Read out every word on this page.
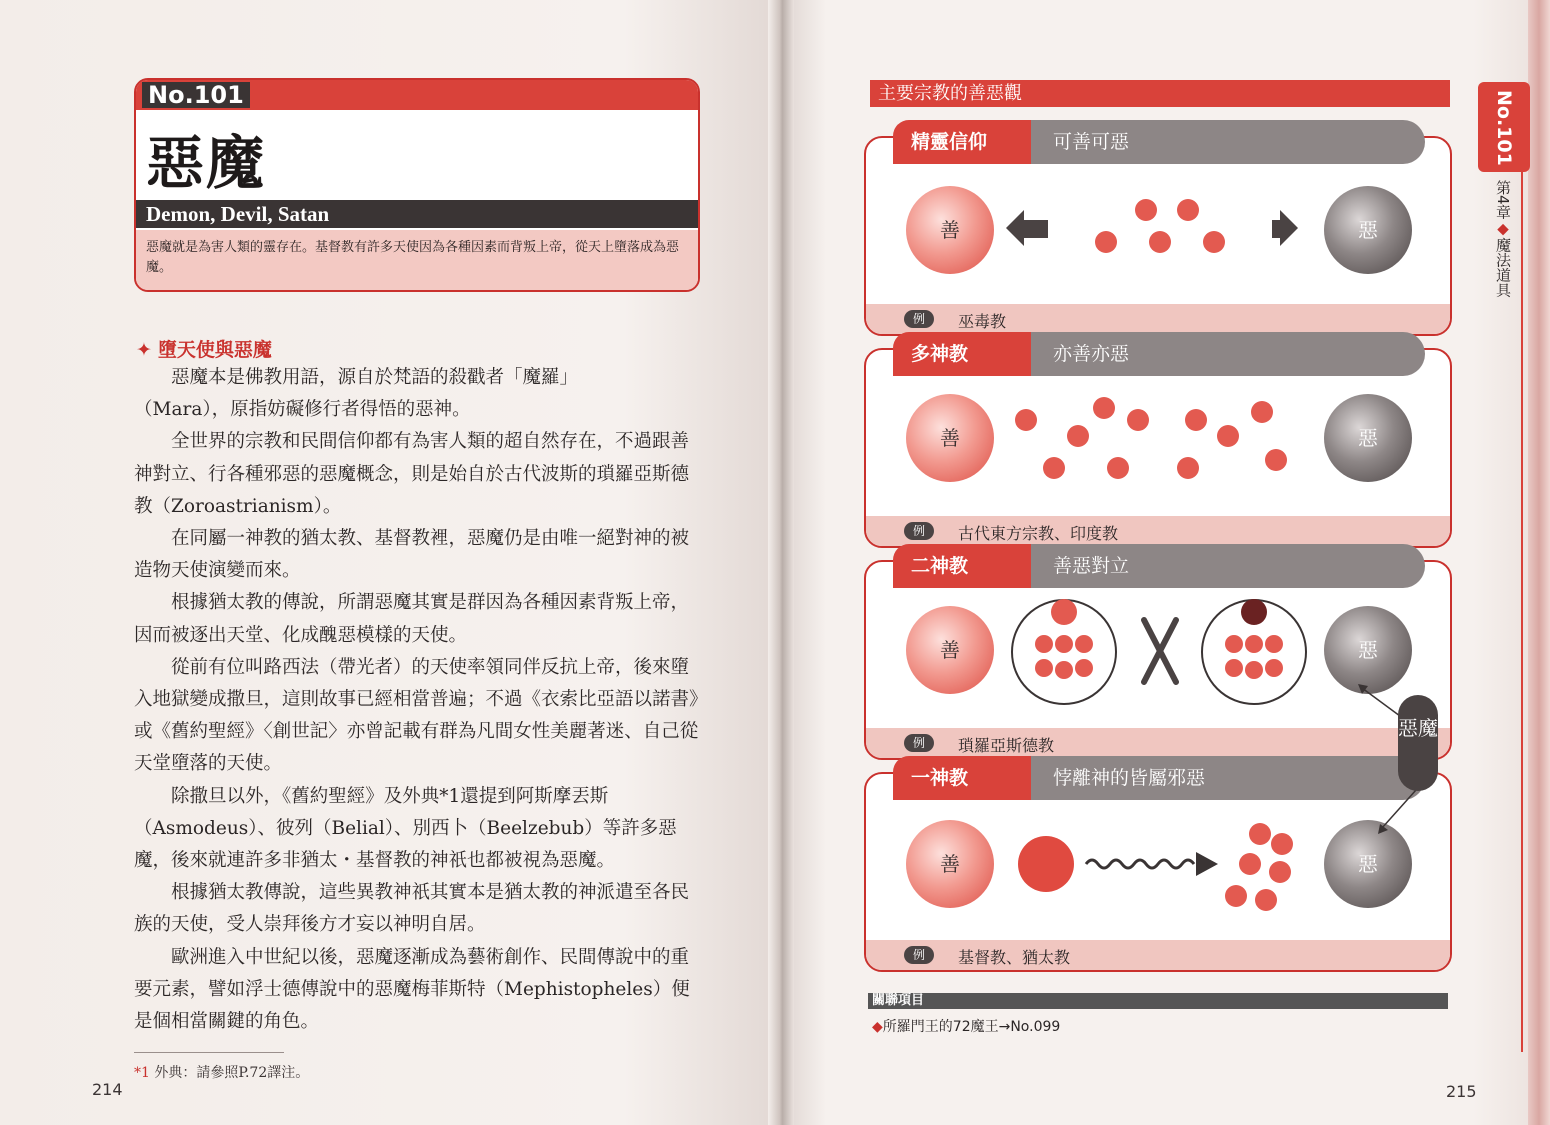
No.101
惡魔
Demon, Devil, Satan
惡魔就是為害人類的靈存在。基督教有許多天使因為各種因素而背叛上帝，從天上墮落成為惡魔。
✦ 墮天使與惡魔

惡魔本是佛教用語，源自於梵語的殺戳者「魔羅」

（Mara），原指妨礙修行者得悟的惡神。

全世界的宗教和民間信仰都有為害人類的超自然存在，不過跟善神對立、行各種邪惡的惡魔概念，則是始自於古代波斯的瑣羅亞斯德教（Zoroastrianism）。

在同屬一神教的猶太教、基督教裡，惡魔仍是由唯一絕對神的被造物天使演變而來。

根據猶太教的傳說，所謂惡魔其實是群因為各種因素背叛上帝，因而被逐出天堂、化成醜惡模樣的天使。

從前有位叫路西法（帶光者）的天使率領同伴反抗上帝，後來墮入地獄變成撒旦，這則故事已經相當普遍；不過《衣索比亞語以諾書》或《舊約聖經》〈創世記〉亦曾記載有群為凡間女性美麗著迷、自己從天堂墮落的天使。

除撒旦以外，《舊約聖經》及外典*1還提到阿斯摩丟斯（Asmodeus）、彼列（Belial）、別西卜（Beelzebub）等許多惡魔，後來就連許多非猶太・基督教的神祇也都被視為惡魔。

根據猶太教傳說，這些異教神祇其實本是猶太教的神派遣至各民族的天使，受人崇拜後方才妄以神明自居。

歐洲進入中世紀以後，惡魔逐漸成為藝術創作、民間傳說中的重要元素，譬如浮士德傳說中的惡魔梅菲斯特（Mephistopheles）便是個相當關鍵的角色。

*1 外典：請參照P.72譯注。
214
主要宗教的善惡觀
精靈信仰	可善可惡
善	惡
例	巫毒教
多神教	亦善亦惡
善	惡
例	古代東方宗教、印度教
二神教	善惡對立
善	惡
例	瑣羅亞斯德教
一神教	悖離神的皆屬邪惡
善	惡
例	基督教、猶太教
惡魔
關聯項目
◆所羅門王的72魔王→No.099
No.101
第4章◆魔法道具
215
